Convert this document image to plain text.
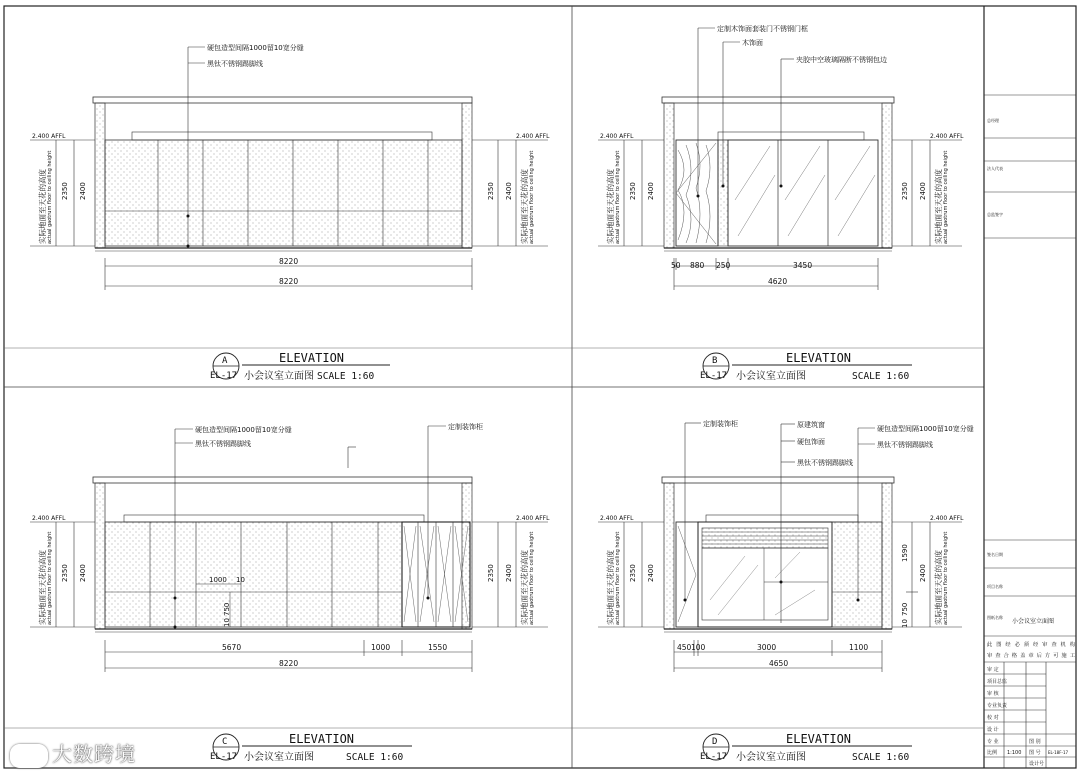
硬包造型间隔1000留10宽分缝
黑钛不锈钢踢脚线
2.400 AFFL	2.400 AFFL
2350 2400	2350 2400
实际地面至天花的高度 actual gaotrum floor to ceiling height	实际地面至天花的高度 actual gaotrum floor to ceiling height
8220
8220
A
EL-17
ELEVATION
小会议室立面图 SCALE 1:60
定制木饰面套装门不锈钢门框
木饰面
夹胶中空玻璃隔断不锈钢包边
2.400 AFFL	2.400 AFFL
2350 2400	2350 2400
实际地面至天花的高度 actual gaotrum floor to ceiling height	实际地面至天花的高度 actual gaotrum floor to ceiling height
50 880 250	3450
4620
B
EL-17
ELEVATION
小会议室立面图	SCALE 1:60
硬包造型间隔1000留10宽分缝
黑钛不锈钢踢脚线
定制装饰柜
1000 10
750
10
2.400 AFFL	2.400 AFFL
2350 2400	2350 2400
实际地面至天花的高度 actual gaotrum floor to ceiling height	实际地面至天花的高度 actual gaotrum floor to ceiling height
5670	1000	1550
8220
C
EL-17
ELEVATION
小会议室立面图	SCALE 1:60
定制装饰柜	原建筑窗
硬包饰面
黑钛不锈钢踢脚线
硬包造型间隔1000留10宽分缝
黑钛不锈钢踢脚线
2.400 AFFL	2.400 AFFL
2350 2400
1590
2400
750
10
实际地面至天花的高度 actual gaotrum floor to ceiling height	实际地面至天花的高度 actual gaotrum floor to ceiling height
450 100	3000	1100
4650
D
EL-17
ELEVATION
小会议室立面图	SCALE 1:60
总经理
法人代表
总监签字
签名日期
项目名称
图纸名称
小会议室立面图
此图经必须经审查机构
审查合格盖章后方可施工
审 定
项目总监
审 核
专业负责
校 对
设 计
专 业
比例 1:100
图 别
图 号 EL-18F-17
设计号
大数跨境
